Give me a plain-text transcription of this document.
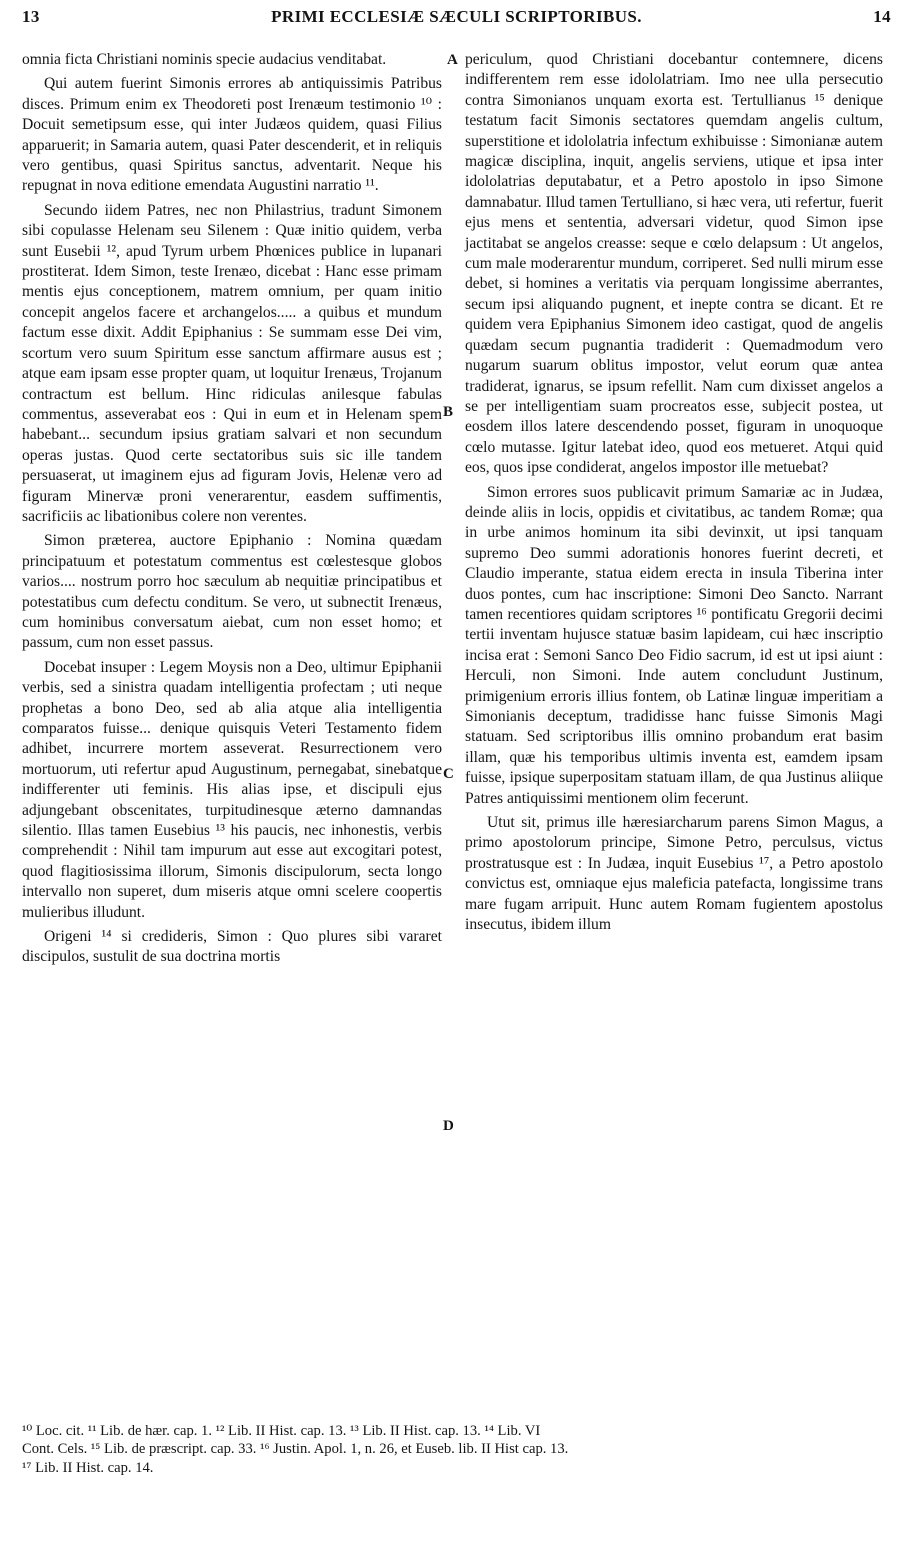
13	PRIMI ECCLESIÆ SÆCULI SCRIPTORIBUS.	14
A
B
C
D

omnia ficta Christiani nominis specie audacius venditabat.

Qui autem fuerint Simonis errores ab antiquissimis Patribus disces. Primum enim ex Theodoreti post Irenæum testimonio ¹⁰ : Docuit semetipsum esse, qui inter Judæos quidem, quasi Filius apparuerit; in Samaria autem, quasi Pater descenderit, et in reliquis vero gentibus, quasi Spiritus sanctus, adventarit. Neque his repugnat in nova editione emendata Augustini narratio ¹¹.

Secundo iidem Patres, nec non Philastrius, tradunt Simonem sibi copulasse Helenam seu Silenem : Quæ initio quidem, verba sunt Eusebii ¹², apud Tyrum urbem Phœnices publice in lupanari prostiterat. Idem Simon, teste Irenæo, dicebat : Hanc esse primam mentis ejus conceptionem, matrem omnium, per quam initio concepit angelos facere et archangelos..... a quibus et mundum factum esse dixit. Addit Epiphanius : Se summam esse Dei vim, scortum vero suum Spiritum esse sanctum affirmare ausus est ; atque eam ipsam esse propter quam, ut loquitur Irenæus, Trojanum contractum est bellum. Hinc ridiculas anilesque fabulas commentus, asseverabat eos : Qui in eum et in Helenam spem habebant... secundum ipsius gratiam salvari et non secundum operas justas. Quod certe sectatoribus suis sic ille tandem persuaserat, ut imaginem ejus ad figuram Jovis, Helenæ vero ad figuram Minervæ proni venerarentur, easdem suffimentis, sacrificiis ac libationibus colere non verentes.

Simon præterea, auctore Epiphanio : Nomina quædam principatuum et potestatum commentus est cœlestesque globos varios.... nostrum porro hoc sæculum ab nequitiæ principatibus et potestatibus cum defectu conditum. Se vero, ut subnectit Irenæus, cum hominibus conversatum aiebat, cum non esset homo; et passum, cum non esset passus.

Docebat insuper : Legem Moysis non a Deo, ultimur Epiphanii verbis, sed a sinistra quadam intelligentia profectam ; uti neque prophetas a bono Deo, sed ab alia atque alia intelligentia comparatos fuisse... denique quisquis Veteri Testamento fidem adhibet, incurrere mortem asseverat. Resurrectionem vero mortuorum, uti refertur apud Augustinum, pernegabat, sinebatque indifferenter uti feminis. His alias ipse, et discipuli ejus adjungebant obscenitates, turpitudinesque æterno damnandas silentio. Illas tamen Eusebius ¹³ his paucis, nec inhonestis, verbis comprehendit : Nihil tam impurum aut esse aut excogitari potest, quod flagitiosissima illorum, Simonis discipulorum, secta longo intervallo non superet, dum miseris atque omni scelere coopertis mulieribus illudunt.

Origeni ¹⁴ si credideris, Simon : Quo plures sibi vararet discipulos, sustulit de sua doctrina mortis

periculum, quod Christiani docebantur contemnere, dicens indifferentem rem esse idololatriam. Imo nee ulla persecutio contra Simonianos unquam exorta est. Tertullianus ¹⁵ denique testatum facit Simonis sectatores quemdam angelis cultum, superstitione et idololatria infectum exhibuisse : Simonianæ autem magicæ disciplina, inquit, angelis serviens, utique et ipsa inter idololatrias deputabatur, et a Petro apostolo in ipso Simone damnabatur. Illud tamen Tertulliano, si hæc vera, uti refertur, fuerit ejus mens et sententia, adversari videtur, quod Simon ipse jactitabat se angelos creasse: seque e cœlo delapsum : Ut angelos, cum male moderarentur mundum, corriperet. Sed nulli mirum esse debet, si homines a veritatis via perquam longissime aberrantes, secum ipsi aliquando pugnent, et inepte contra se dicant. Et re quidem vera Epiphanius Simonem ideo castigat, quod de angelis quædam secum pugnantia tradiderit : Quemadmodum vero nugarum suarum oblitus impostor, velut eorum quæ antea tradiderat, ignarus, se ipsum refellit. Nam cum dixisset angelos a se per intelligentiam suam procreatos esse, subjecit postea, ut eosdem illos latere descendendo posset, figuram in unoquoque cœlo mutasse. Igitur latebat ideo, quod eos metueret. Atqui quid eos, quos ipse condiderat, angelos impostor ille metuebat?

Simon errores suos publicavit primum Samariæ ac in Judæa, deinde aliis in locis, oppidis et civitatibus, ac tandem Romæ; qua in urbe animos hominum ita sibi devinxit, ut ipsi tanquam supremo Deo summi adorationis honores fuerint decreti, et Claudio imperante, statua eidem erecta in insula Tiberina inter duos pontes, cum hac inscriptione: Simoni Deo Sancto. Narrant tamen recentiores quidam scriptores ¹⁶ pontificatu Gregorii decimi tertii inventam hujusce statuæ basim lapideam, cui hæc inscriptio incisa erat : Semoni Sanco Deo Fidio sacrum, id est ut ipsi aiunt : Herculi, non Simoni. Inde autem concludunt Justinum, primigenium erroris illius fontem, ob Latinæ linguæ imperitiam a Simonianis deceptum, tradidisse hanc fuisse Simonis Magi statuam. Sed scriptoribus illis omnino probandum erat basim illam, quæ his temporibus ultimis inventa est, eamdem ipsam fuisse, ipsique superpositam statuam illam, de qua Justinus aliique Patres antiquissimi mentionem olim fecerunt.

Utut sit, primus ille hæresiarcharum parens Simon Magus, a primo apostolorum principe, Simone Petro, perculsus, victus prostratusque est : In Judæa, inquit Eusebius ¹⁷, a Petro apostolo convictus est, omniaque ejus maleficia patefacta, longissime trans mare fugam arripuit. Hunc autem Romam fugientem apostolus insecutus, ibidem illum

¹⁰ Loc. cit. ¹¹ Lib. de hær. cap. 1. ¹² Lib. II Hist. cap. 13. ¹³ Lib. II Hist. cap. 13. ¹⁴ Lib. VI

Cont. Cels. ¹⁵ Lib. de præscript. cap. 33. ¹⁶ Justin. Apol. 1, n. 26, et Euseb. lib. II Hist cap. 13.

¹⁷ Lib. II Hist. cap. 14.
